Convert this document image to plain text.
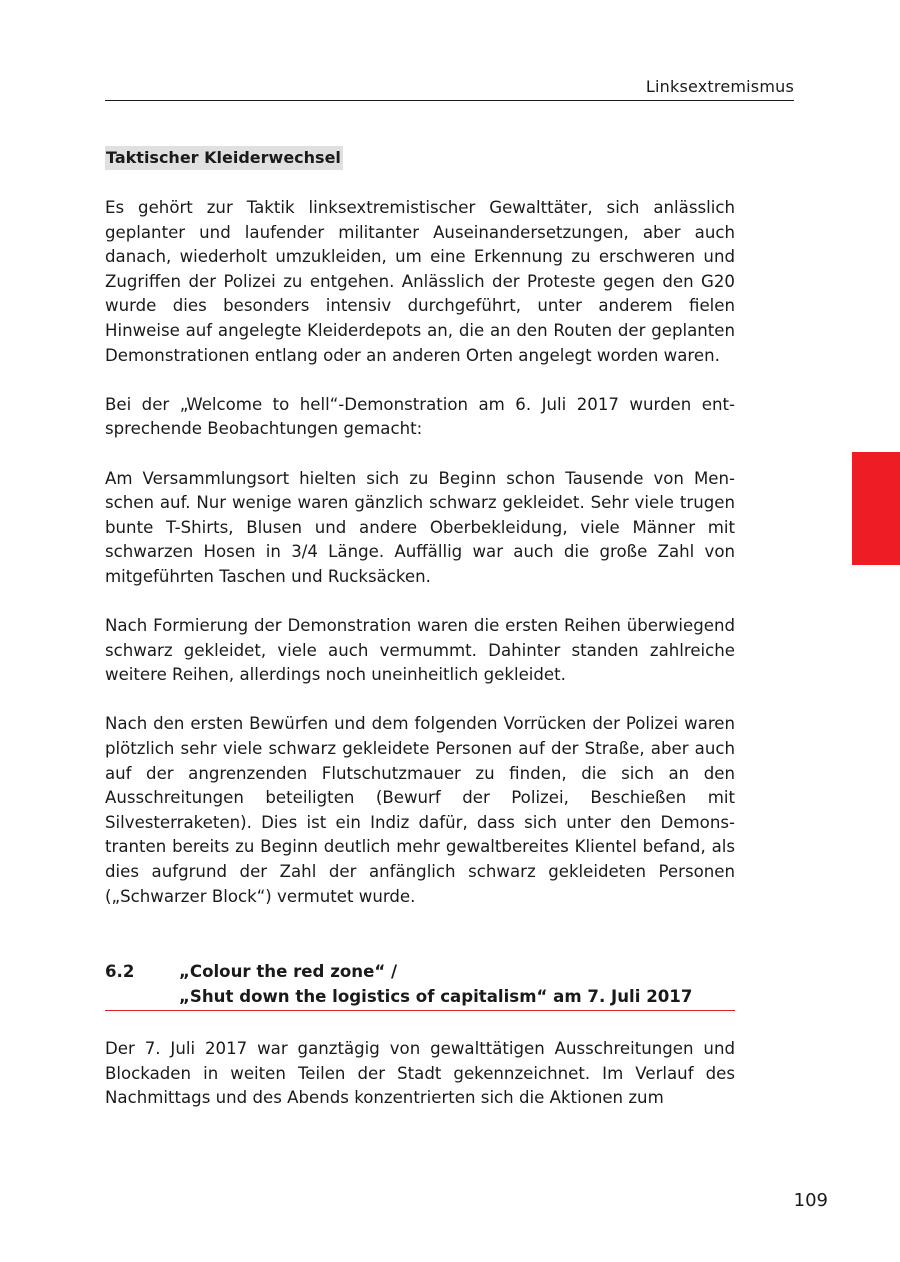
Linksextremismus
Taktischer Kleiderwechsel

Es gehört zur Taktik linksextremistischer Gewalttäter, sich anlässlich geplanter und laufender militanter Auseinandersetzungen, aber auch danach, wiederholt umzukleiden, um eine Erkennung zu erschweren und Zugriffen der Polizei zu entgehen. Anlässlich der Proteste gegen den G20 wurde dies besonders intensiv durchgeführt, unter anderem fielen Hinweise auf angelegte Kleiderdepots an, die an den Routen der geplanten Demonstrationen entlang oder an anderen Orten angelegt worden waren.

Bei der „Welcome to hell“-Demonstration am 6. Juli 2017 wurden entsprechende Beobachtungen gemacht:

Am Versammlungsort hielten sich zu Beginn schon Tausende von Menschen auf. Nur wenige waren gänzlich schwarz gekleidet. Sehr viele trugen bunte T-Shirts, Blusen und andere Oberbekleidung, viele Männer mit schwarzen Hosen in 3/4 Länge. Auffällig war auch die große Zahl von mitgeführten Taschen und Rucksäcken.

Nach Formierung der Demonstration waren die ersten Reihen überwiegend schwarz gekleidet, viele auch vermummt. Dahinter standen zahlreiche weitere Reihen, allerdings noch uneinheitlich gekleidet.

Nach den ersten Bewürfen und dem folgenden Vorrücken der Polizei waren plötzlich sehr viele schwarz gekleidete Personen auf der Straße, aber auch auf der angrenzenden Flutschutzmauer zu finden, die sich an den Ausschreitungen beteiligten (Bewurf der Polizei, Beschießen mit Silvesterraketen). Dies ist ein Indiz dafür, dass sich unter den Demonstranten bereits zu Beginn deutlich mehr gewaltbereites Klientel befand, als dies aufgrund der Zahl der anfänglich schwarz gekleideten Personen („Schwarzer Block“) vermutet wurde.

6.2	„Colour the red zone“ /
„Shut down the logistics of capitalism“ am 7. Juli 2017

Der 7. Juli 2017 war ganztägig von gewalttätigen Ausschreitungen und Blockaden in weiten Teilen der Stadt gekennzeichnet. Im Verlauf des Nachmittags und des Abends konzentrierten sich die Aktionen zum

109
